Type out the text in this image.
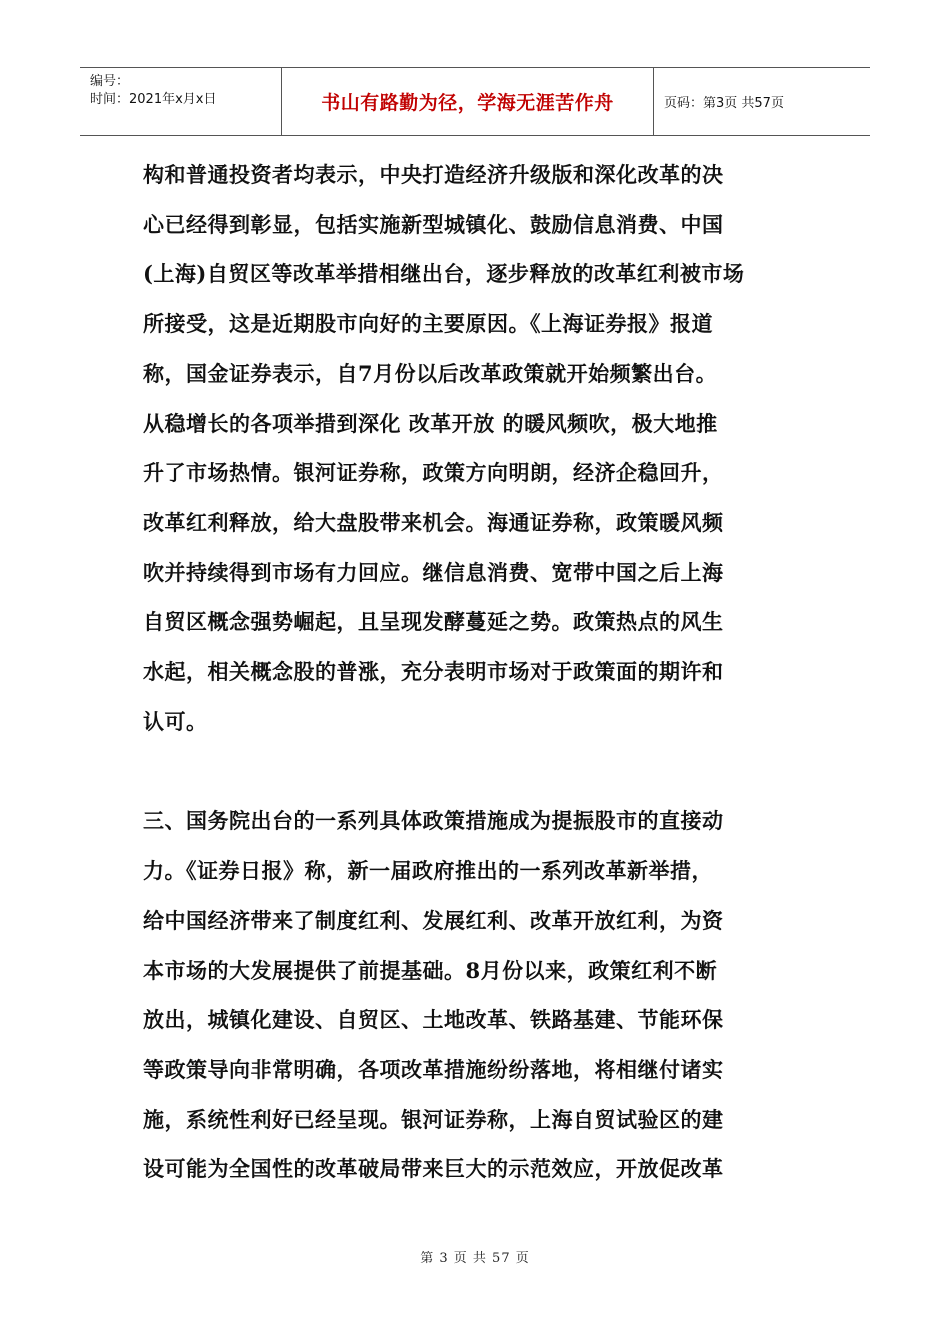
编号：
时间：2021年x月x日	书山有路勤为径，学海无涯苦作舟	页码：第3页 共57页
构和普通投资者均表示，中央打造经济升级版和深化改革的决
心已经得到彰显，包括实施新型城镇化、鼓励信息消费、中国
(上海)自贸区等改革举措相继出台，逐步释放的改革红利被市场
所接受，这是近期股市向好的主要原因。《上海证券报》报道
称，国金证券表示，自7月份以后改革政策就开始频繁出台。
从稳增长的各项举措到深化 改革开放 的暖风频吹，极大地推
升了市场热情。银河证券称，政策方向明朗，经济企稳回升，
改革红利释放，给大盘股带来机会。海通证券称，政策暖风频
吹并持续得到市场有力回应。继信息消费、宽带中国之后上海
自贸区概念强势崛起，且呈现发酵蔓延之势。政策热点的风生
水起，相关概念股的普涨，充分表明市场对于政策面的期许和
认可。
三、国务院出台的一系列具体政策措施成为提振股市的直接动
力。《证券日报》称，新一届政府推出的一系列改革新举措，
给中国经济带来了制度红利、发展红利、改革开放红利，为资
本市场的大发展提供了前提基础。8月份以来，政策红利不断
放出，城镇化建设、自贸区、土地改革、铁路基建、节能环保
等政策导向非常明确，各项改革措施纷纷落地，将相继付诸实
施，系统性利好已经呈现。银河证券称，上海自贸试验区的建
设可能为全国性的改革破局带来巨大的示范效应，开放促改革
第 3 页 共 57 页
